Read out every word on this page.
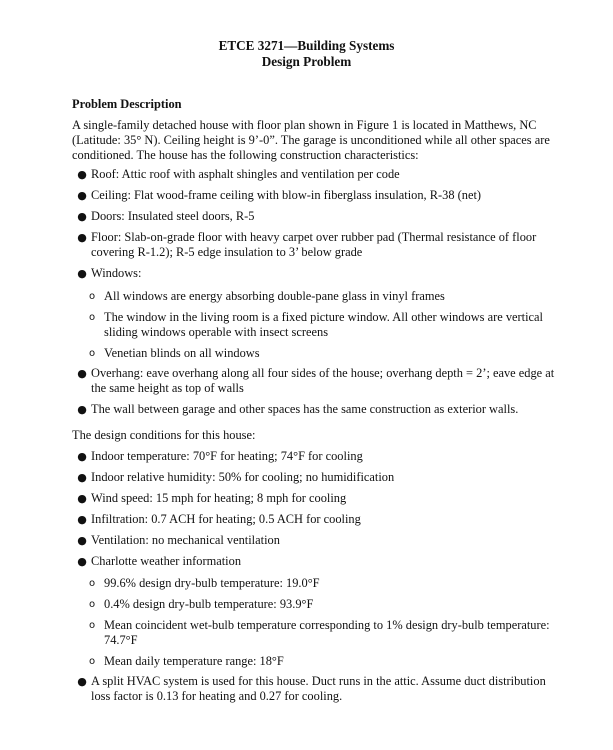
ETCE 3271—Building Systems
Design Problem
Problem Description
A single-family detached house with floor plan shown in Figure 1 is located in Matthews, NC (Latitude: 35° N). Ceiling height is 9’-0”. The garage is unconditioned while all other spaces are conditioned. The house has the following construction characteristics:
● Roof: Attic roof with asphalt shingles and ventilation per code
● Ceiling: Flat wood-frame ceiling with blow-in fiberglass insulation, R-38 (net)
● Doors: Insulated steel doors, R-5
● Floor: Slab-on-grade floor with heavy carpet over rubber pad (Thermal resistance of floor covering R-1.2); R-5 edge insulation to 3’ below grade
● Windows:
o All windows are energy absorbing double-pane glass in vinyl frames
o The window in the living room is a fixed picture window. All other windows are vertical sliding windows operable with insect screens
o Venetian blinds on all windows
● Overhang: eave overhang along all four sides of the house; overhang depth = 2’; eave edge at the same height as top of walls
● The wall between garage and other spaces has the same construction as exterior walls.
The design conditions for this house:
● Indoor temperature: 70°F for heating; 74°F for cooling
● Indoor relative humidity: 50% for cooling; no humidification
● Wind speed: 15 mph for heating; 8 mph for cooling
● Infiltration: 0.7 ACH for heating; 0.5 ACH for cooling
● Ventilation: no mechanical ventilation
● Charlotte weather information
o 99.6% design dry-bulb temperature: 19.0°F
o 0.4% design dry-bulb temperature: 93.9°F
o Mean coincident wet-bulb temperature corresponding to 1% design dry-bulb temperature: 74.7°F
o Mean daily temperature range: 18°F
● A split HVAC system is used for this house. Duct runs in the attic. Assume duct distribution loss factor is 0.13 for heating and 0.27 for cooling.
